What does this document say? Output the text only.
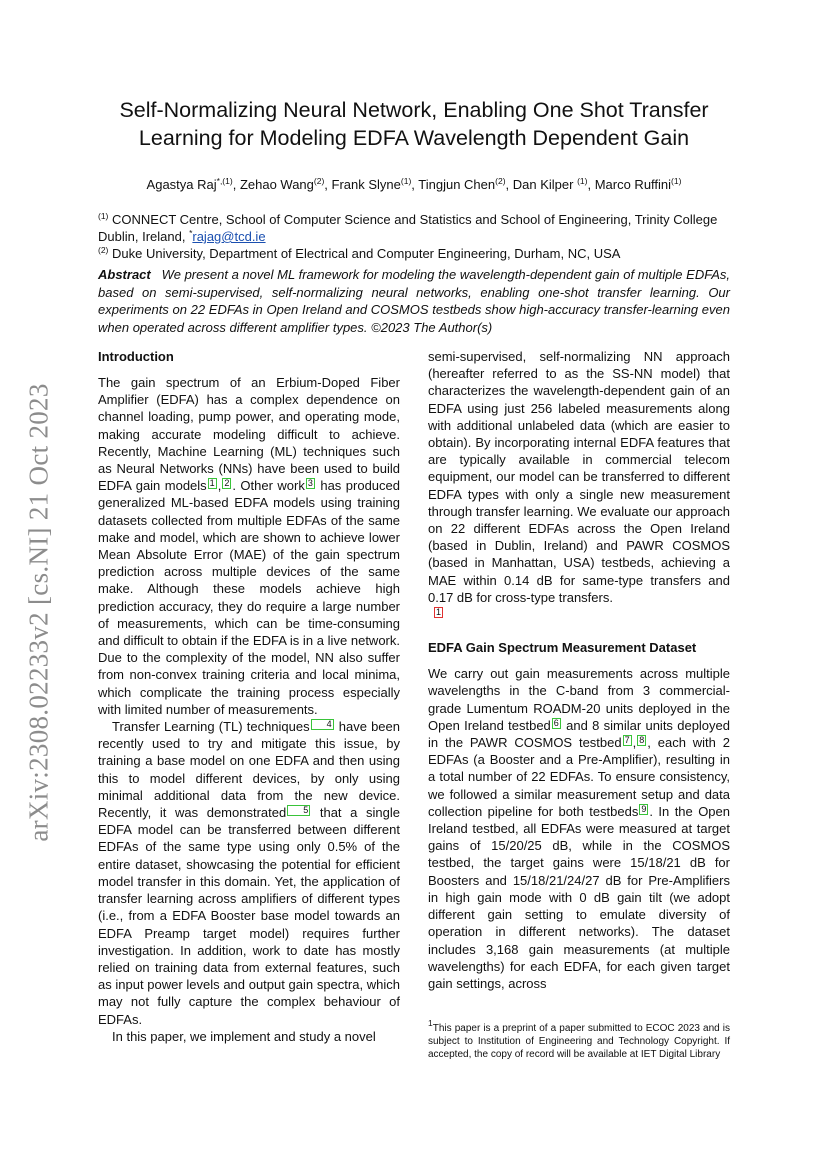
arXiv:2308.02233v2 [cs.NI] 21 Oct 2023
Self-Normalizing Neural Network, Enabling One Shot Transfer
Learning for Modeling EDFA Wavelength Dependent Gain
Agastya Raj$^{*,(1)}$, Zehao Wang$^{(2)}$, Frank Slyne$^{(1)}$, Tingjun Chen$^{(2)}$, Dan Kilper $^{(1)}$, Marco Ruffini$^{(1)}$
$^{(1)}$ CONNECT Centre, School of Computer Science and Statistics and School of Engineering, Trinity College Dublin, Ireland, *rajag@tcd.ie
$^{(2)}$ Duke University, Department of Electrical and Computer Engineering, Durham, NC, USA
Abstract We present a novel ML framework for modeling the wavelength-dependent gain of multiple EDFAs, based on semi-supervised, self-normalizing neural networks, enabling one-shot transfer learning. Our experiments on 22 EDFAs in Open Ireland and COSMOS testbeds show high-accuracy transfer-learning even when operated across different amplifier types. ©2023 The Author(s)
Introduction

The gain spectrum of an Erbium-Doped Fiber Amplifier (EDFA) has a complex dependence on channel loading, pump power, and operating mode, making accurate modeling difficult to achieve. Recently, Machine Learning (ML) techniques such as Neural Networks (NNs) have been used to build EDFA gain models 1 , 2 . Other work 3 has produced generalized ML-based EDFA models using training datasets collected from multiple EDFAs of the same make and model, which are shown to achieve lower Mean Absolute Error (MAE) of the gain spectrum prediction across multiple devices of the same make. Although these models achieve high prediction accuracy, they do require a large number of measurements, which can be time-consuming and difficult to obtain if the EDFA is in a live network. Due to the complexity of the model, NN also suffer from non-convex training criteria and local minima, which complicate the training process especially with limited number of measurements.

Transfer Learning (TL) techniques 4 have been recently used to try and mitigate this issue, by training a base model on one EDFA and then using this to model different devices, by only using minimal additional data from the new device. Recently, it was demonstrated 5 that a single EDFA model can be transferred between different EDFAs of the same type using only 0.5% of the entire dataset, showcasing the potential for efficient model transfer in this domain. Yet, the application of transfer learning across amplifiers of different types (i.e., from a EDFA Booster base model towards an EDFA Preamp target model) requires further investigation. In addition, work to date has mostly relied on training data from external features, such as input power levels and output gain spectra, which may not fully capture the complex behaviour of EDFAs.

In this paper, we implement and study a novel

semi-supervised, self-normalizing NN approach (hereafter referred to as the SS-NN model) that characterizes the wavelength-dependent gain of an EDFA using just 256 labeled measurements along with additional unlabeled data (which are easier to obtain). By incorporating internal EDFA features that are typically available in commercial telecom equipment, our model can be transferred to different EDFA types with only a single new measurement through transfer learning. We evaluate our approach on 22 different EDFAs across the Open Ireland (based in Dublin, Ireland) and PAWR COSMOS (based in Manhattan, USA) testbeds, achieving a MAE within 0.14 dB for same-type transfers and 0.17 dB for cross-type transfers.
1

EDFA Gain Spectrum Measurement Dataset

We carry out gain measurements across multiple wavelengths in the C-band from 3 commercial-grade Lumentum ROADM-20 units deployed in the Open Ireland testbed 6 and 8 similar units deployed in the PAWR COSMOS testbed 7 , 8 , each with 2 EDFAs (a Booster and a Pre-Amplifier), resulting in a total number of 22 EDFAs. To ensure consistency, we followed a similar measurement setup and data collection pipeline for both testbeds 9 . In the Open Ireland testbed, all EDFAs were measured at target gains of 15/20/25 dB, while in the COSMOS testbed, the target gains were 15/18/21 dB for Boosters and 15/18/21/24/27 dB for Pre-Amplifiers in high gain mode with 0 dB gain tilt (we adopt different gain setting to emulate diversity of operation in different networks). The dataset includes 3,168 gain measurements (at multiple wavelengths) for each EDFA, for each given target gain settings, across

$^1$This paper is a preprint of a paper submitted to ECOC 2023 and is subject to Institution of Engineering and Technology Copyright. If accepted, the copy of record will be available at IET Digital Library
